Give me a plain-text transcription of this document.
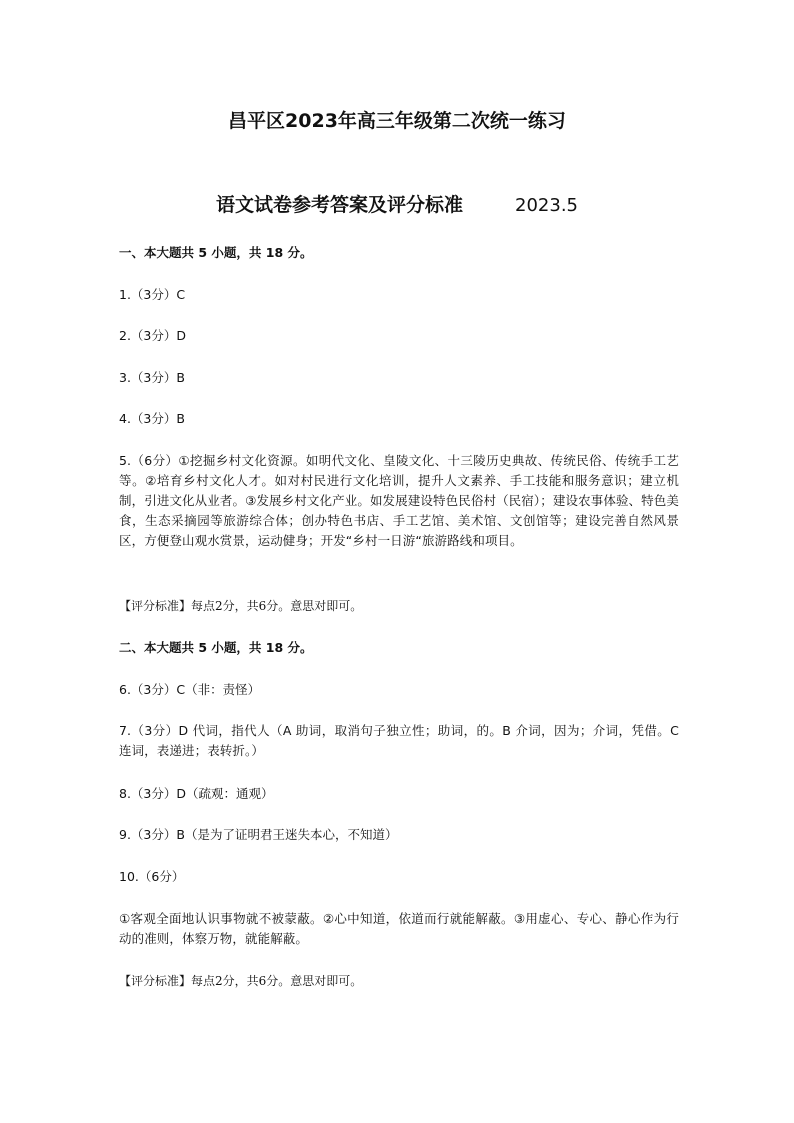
昌平区2023年高三年级第二次统一练习
语文试卷参考答案及评分标准	2023.5
一、本大题共 5 小题，共 18 分。
1.（3分）C
2.（3分）D
3.（3分）B
4.（3分）B
5.（6分）①挖掘乡村文化资源。如明代文化、皇陵文化、十三陵历史典故、传统民俗、传统手工艺等。②培育乡村文化人才。如对村民进行文化培训，提升人文素养、手工技能和服务意识；建立机制，引进文化从业者。③发展乡村文化产业。如发展建设特色民俗村（民宿）；建设农事体验、特色美食，生态采摘园等旅游综合体；创办特色书店、手工艺馆、美术馆、文创馆等；建设完善自然风景区，方便登山观水赏景，运动健身；开发“乡村一日游“旅游路线和项目。
【评分标准】每点2分，共6分。意思对即可。
二、本大题共 5 小题，共 18 分。
6.（3分）C（非：责怪）
7.（3分）D 代词，指代人（A 助词，取消句子独立性；助词，的。B 介词，因为；介词，凭借。C 连词，表递进；表转折。）
8.（3分）D（疏观：通观）
9.（3分）B（是为了证明君王迷失本心，不知道）
10.（6分）
①客观全面地认识事物就不被蒙蔽。②心中知道，依道而行就能解蔽。③用虚心、专心、静心作为行动的准则，体察万物，就能解蔽。
【评分标准】每点2分，共6分。意思对即可。
